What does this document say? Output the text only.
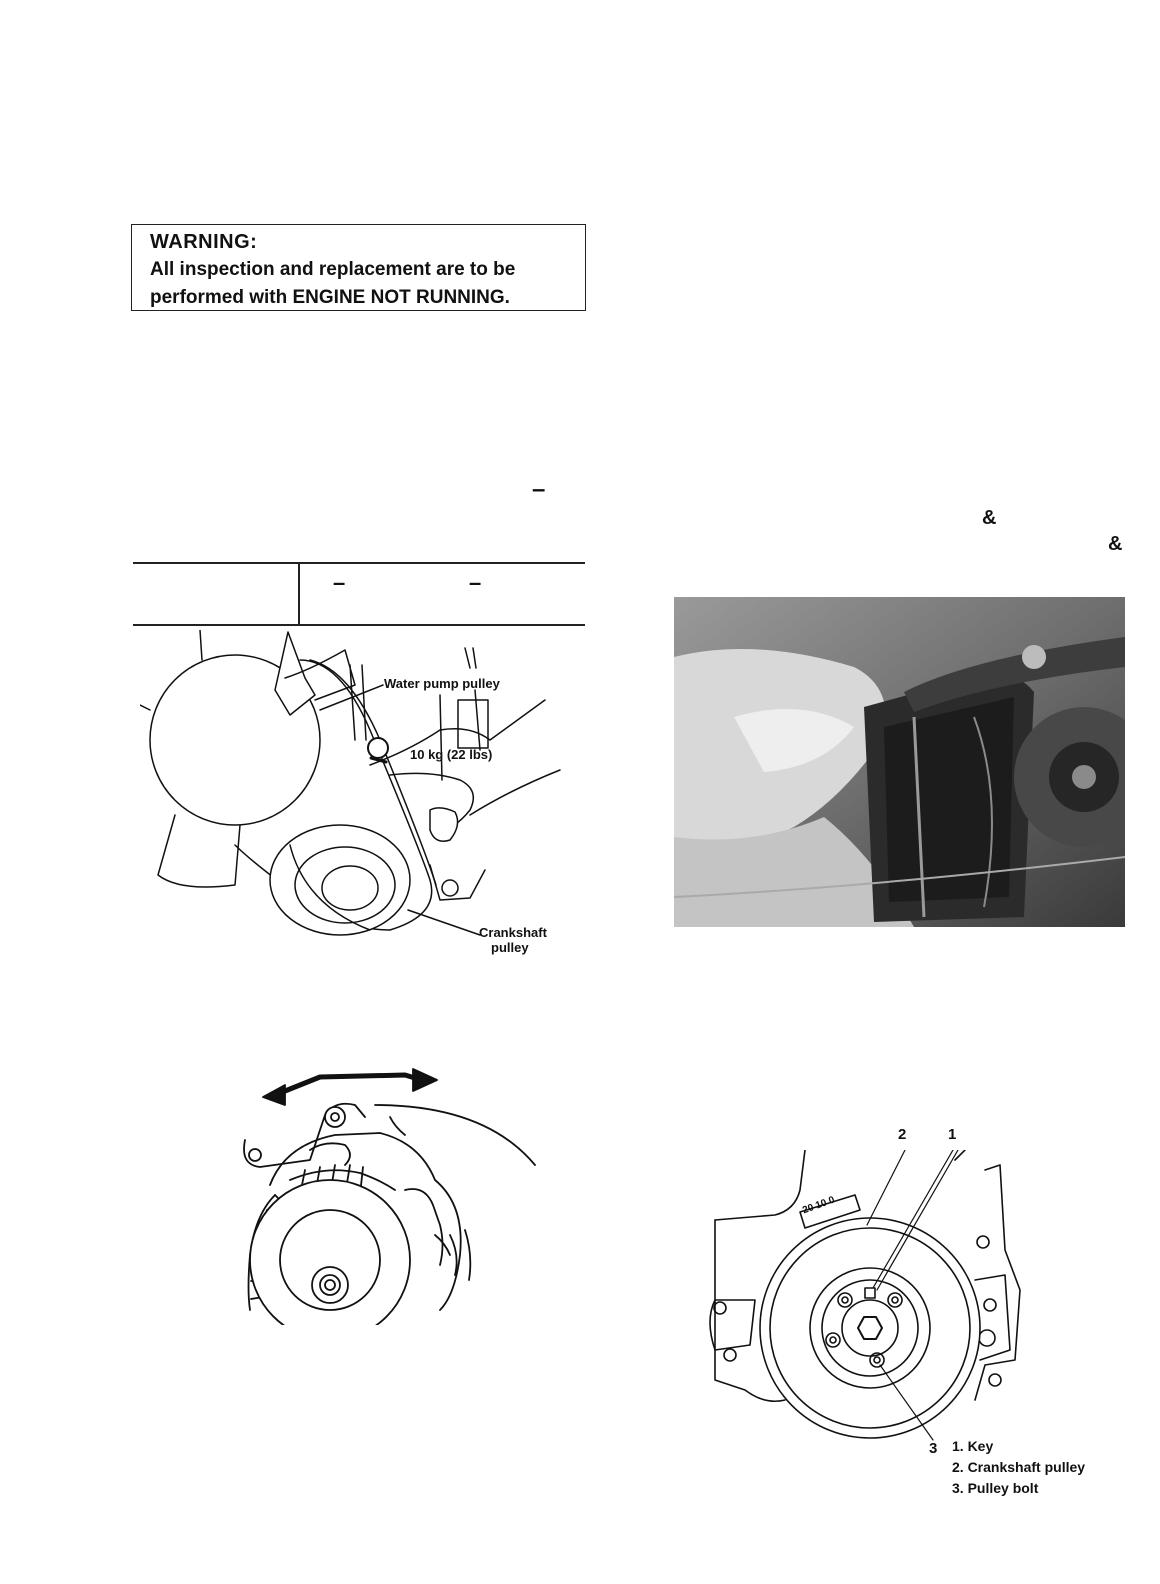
WARNING:
All inspection and replacement are to be
performed with ENGINE NOT RUNNING.
–
&
&
–	–
Water pump pulley
10 kg (22 lbs)
Crankshaft
pulley
20 10 0
2	1
3 1. Key
2. Crankshaft pulley
3. Pulley bolt
